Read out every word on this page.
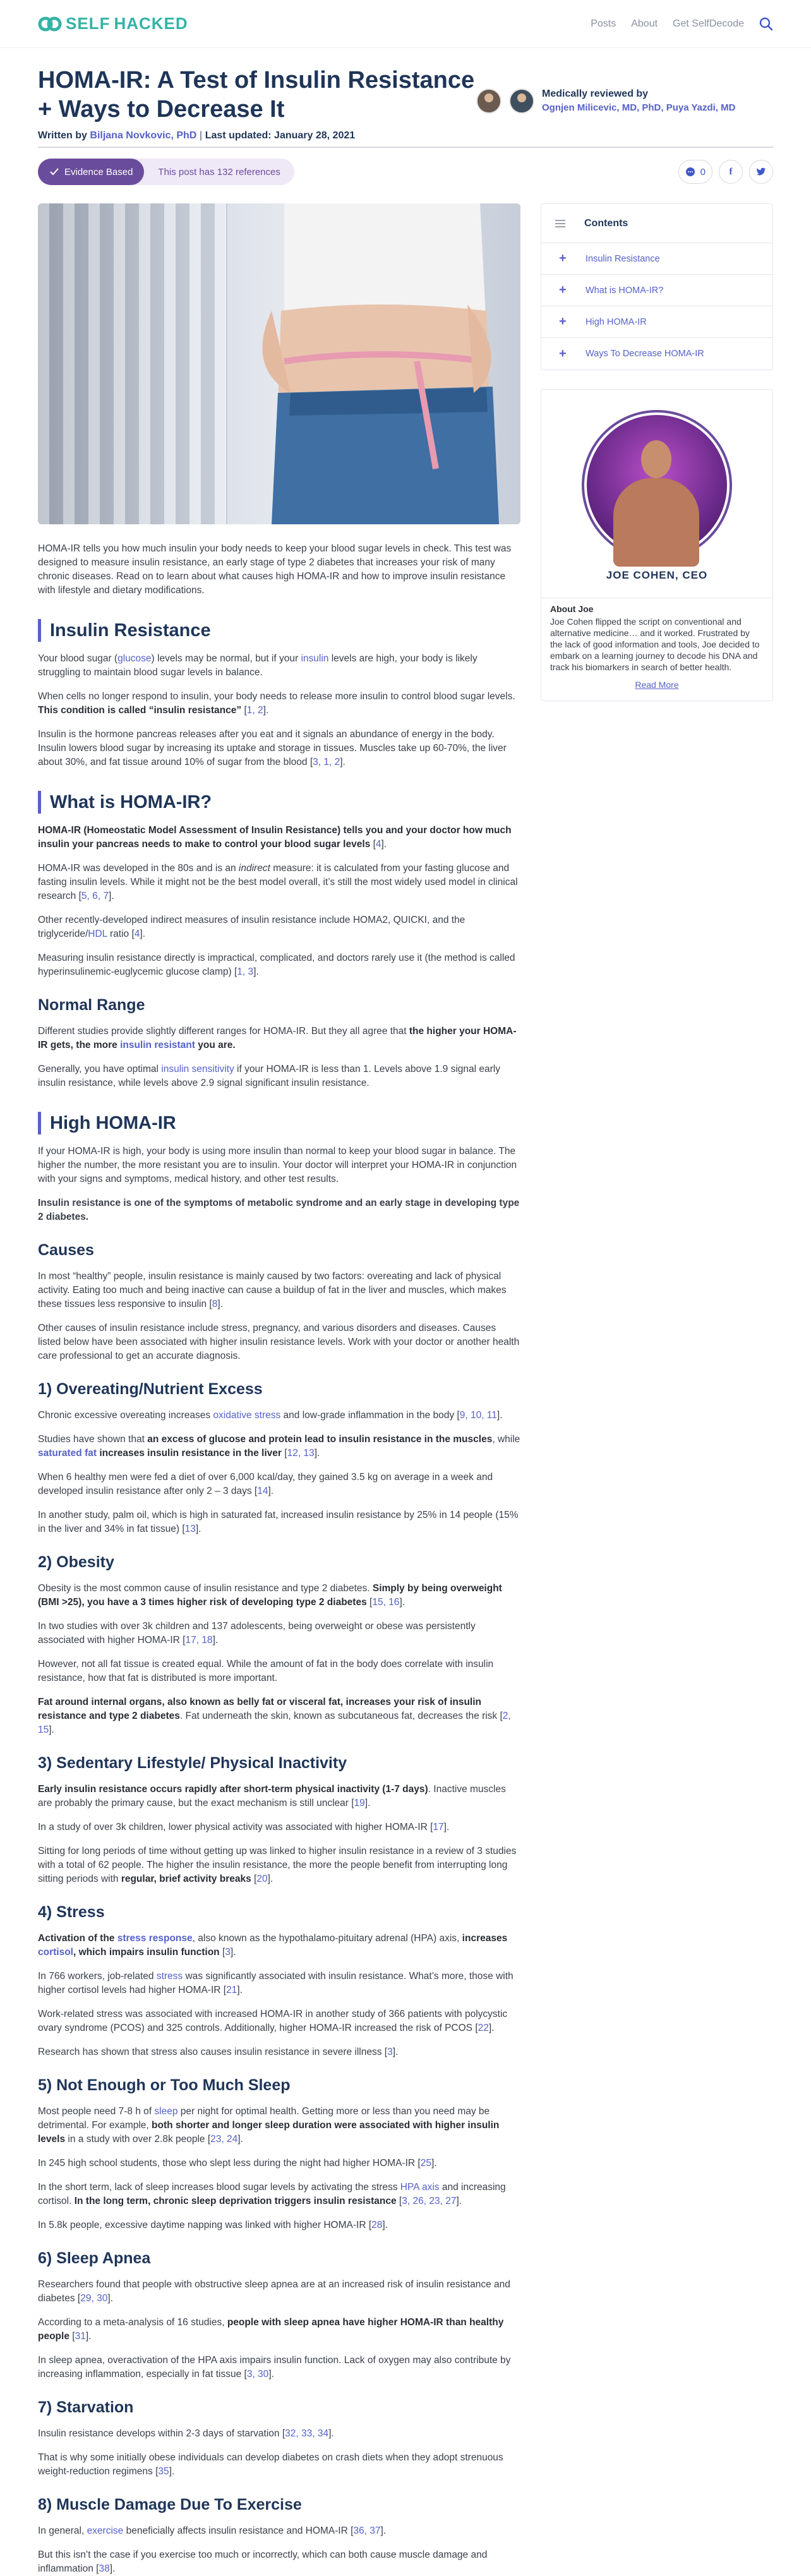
SELF HACKED	Posts About Get SelfDecode
HOMA-IR: A Test of Insulin Resistance + Ways to Decrease It
Written by Biljana Novkovic, PhD | Last updated: January 28, 2021
Medically reviewed by
Ognjen Milicevic, MD, PhD, Puya Yazdi, MD
Evidence Based	This post has 132 references	0	f

HOMA-IR tells you how much insulin your body needs to keep your blood sugar levels in check. This test was designed to measure insulin resistance, an early stage of type 2 diabetes that increases your risk of many chronic diseases. Read on to learn about what causes high HOMA-IR and how to improve insulin resistance with lifestyle and dietary modifications.

Insulin Resistance

Your blood sugar (glucose) levels may be normal, but if your insulin levels are high, your body is likely struggling to maintain blood sugar levels in balance.

When cells no longer respond to insulin, your body needs to release more insulin to control blood sugar levels. This condition is called “insulin resistance” [1, 2].

Insulin is the hormone pancreas releases after you eat and it signals an abundance of energy in the body. Insulin lowers blood sugar by increasing its uptake and storage in tissues. Muscles take up 60-70%, the liver about 30%, and fat tissue around 10% of sugar from the blood [3, 1, 2].

What is HOMA-IR?

HOMA-IR (Homeostatic Model Assessment of Insulin Resistance) tells you and your doctor how much insulin your pancreas needs to make to control your blood sugar levels [4].

HOMA-IR was developed in the 80s and is an indirect measure: it is calculated from your fasting glucose and fasting insulin levels. While it might not be the best model overall, it’s still the most widely used model in clinical research [5, 6, 7].

Other recently-developed indirect measures of insulin resistance include HOMA2, QUICKI, and the triglyceride/HDL ratio [4].

Measuring insulin resistance directly is impractical, complicated, and doctors rarely use it (the method is called hyperinsulinemic-euglycemic glucose clamp) [1, 3].

Normal Range

Different studies provide slightly different ranges for HOMA-IR. But they all agree that the higher your HOMA-IR gets, the more insulin resistant you are.

Generally, you have optimal insulin sensitivity if your HOMA-IR is less than 1. Levels above 1.9 signal early insulin resistance, while levels above 2.9 signal significant insulin resistance.

High HOMA-IR

If your HOMA-IR is high, your body is using more insulin than normal to keep your blood sugar in balance. The higher the number, the more resistant you are to insulin. Your doctor will interpret your HOMA-IR in conjunction with your signs and symptoms, medical history, and other test results.

Insulin resistance is one of the symptoms of metabolic syndrome and an early stage in developing type 2 diabetes.

Causes

In most “healthy” people, insulin resistance is mainly caused by two factors: overeating and lack of physical activity. Eating too much and being inactive can cause a buildup of fat in the liver and muscles, which makes these tissues less responsive to insulin [8].

Other causes of insulin resistance include stress, pregnancy, and various disorders and diseases. Causes listed below have been associated with higher insulin resistance levels. Work with your doctor or another health care professional to get an accurate diagnosis.

1) Overeating/Nutrient Excess

Chronic excessive overeating increases oxidative stress and low-grade inflammation in the body [9, 10, 11].

Studies have shown that an excess of glucose and protein lead to insulin resistance in the muscles, while saturated fat increases insulin resistance in the liver [12, 13].

When 6 healthy men were fed a diet of over 6,000 kcal/day, they gained 3.5 kg on average in a week and developed insulin resistance after only 2 – 3 days [14].

In another study, palm oil, which is high in saturated fat, increased insulin resistance by 25% in 14 people (15% in the liver and 34% in fat tissue) [13].

2) Obesity

Obesity is the most common cause of insulin resistance and type 2 diabetes. Simply by being overweight (BMI >25), you have a 3 times higher risk of developing type 2 diabetes [15, 16].

In two studies with over 3k children and 137 adolescents, being overweight or obese was persistently associated with higher HOMA-IR [17, 18].

However, not all fat tissue is created equal. While the amount of fat in the body does correlate with insulin resistance, how that fat is distributed is more important.

Fat around internal organs, also known as belly fat or visceral fat, increases your risk of insulin resistance and type 2 diabetes. Fat underneath the skin, known as subcutaneous fat, decreases the risk [2, 15].

3) Sedentary Lifestyle/ Physical Inactivity

Early insulin resistance occurs rapidly after short-term physical inactivity (1-7 days). Inactive muscles are probably the primary cause, but the exact mechanism is still unclear [19].

In a study of over 3k children, lower physical activity was associated with higher HOMA-IR [17].

Sitting for long periods of time without getting up was linked to higher insulin resistance in a review of 3 studies with a total of 62 people. The higher the insulin resistance, the more the people benefit from interrupting long sitting periods with regular, brief activity breaks [20].

4) Stress

Activation of the stress response, also known as the hypothalamo-pituitary adrenal (HPA) axis, increases cortisol, which impairs insulin function [3].

In 766 workers, job-related stress was significantly associated with insulin resistance. What’s more, those with higher cortisol levels had higher HOMA-IR [21].

Work-related stress was associated with increased HOMA-IR in another study of 366 patients with polycystic ovary syndrome (PCOS) and 325 controls. Additionally, higher HOMA-IR increased the risk of PCOS [22].

Research has shown that stress also causes insulin resistance in severe illness [3].

5) Not Enough or Too Much Sleep

Most people need 7-8 h of sleep per night for optimal health. Getting more or less than you need may be detrimental. For example, both shorter and longer sleep duration were associated with higher insulin levels in a study with over 2.8k people [23, 24].

In 245 high school students, those who slept less during the night had higher HOMA-IR [25].

In the short term, lack of sleep increases blood sugar levels by activating the stress HPA axis and increasing cortisol. In the long term, chronic sleep deprivation triggers insulin resistance [3, 26, 23, 27].

In 5.8k people, excessive daytime napping was linked with higher HOMA-IR [28].

6) Sleep Apnea

Researchers found that people with obstructive sleep apnea are at an increased risk of insulin resistance and diabetes [29, 30].

According to a meta-analysis of 16 studies, people with sleep apnea have higher HOMA-IR than healthy people [31].

In sleep apnea, overactivation of the HPA axis impairs insulin function. Lack of oxygen may also contribute by increasing inflammation, especially in fat tissue [3, 30].

7) Starvation

Insulin resistance develops within 2-3 days of starvation [32, 33, 34].

That is why some initially obese individuals can develop diabetes on crash diets when they adopt strenuous weight-reduction regimens [35].

8) Muscle Damage Due To Exercise

In general, exercise beneficially affects insulin resistance and HOMA-IR [36, 37].

But this isn’t the case if you exercise too much or incorrectly, which can both cause muscle damage and inflammation [38].

Contents
+ Insulin Resistance
+ What is HOMA-IR?
+ High HOMA-IR
+ Ways To Decrease HOMA-IR
JOE COHEN, CEO
About Joe
Joe Cohen flipped the script on conventional and alternative medicine… and it worked. Frustrated by the lack of good information and tools, Joe decided to embark on a learning journey to decode his DNA and track his biomarkers in search of better health.
Read More
